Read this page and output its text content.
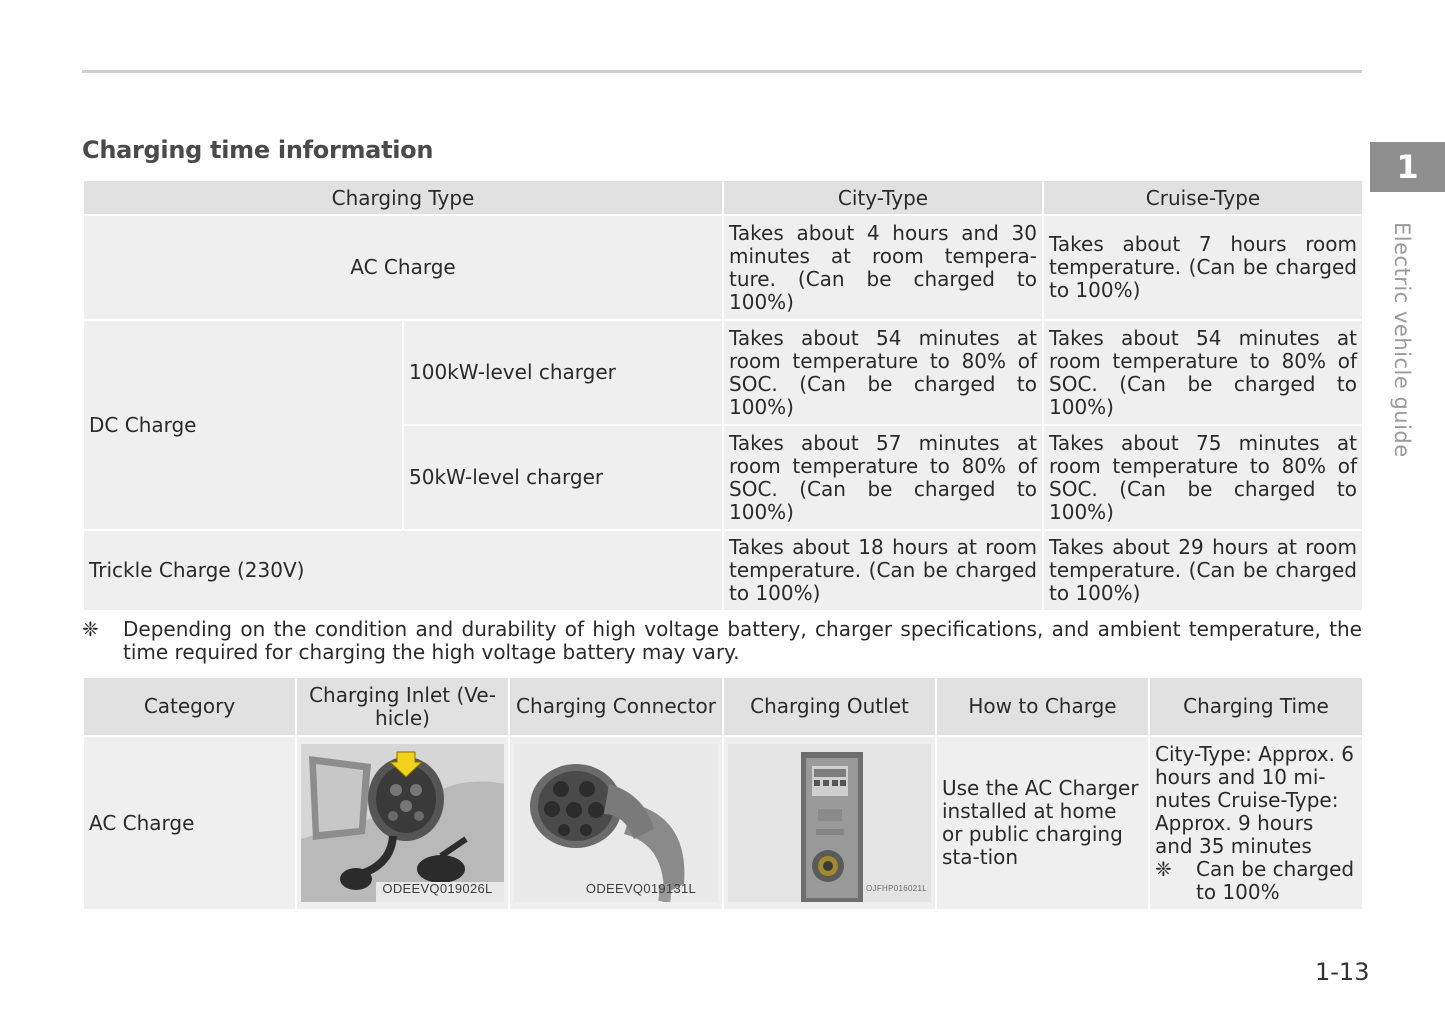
Charging time information	1
Electric vehicle guide
Charging Type		City-Type	Cruise-Type
AC Charge		Takes about 4 hours and 30 minutes at room tempera-ture. (Can be charged to 100%)	Takes about 7 hours room temperature. (Can be charged to 100%)
DC Charge	100kW-level charger	Takes about 54 minutes at room temperature to 80% of SOC. (Can be charged to 100%)	Takes about 54 minutes at room temperature to 80% of SOC. (Can be charged to 100%)
	50kW-level charger	Takes about 57 minutes at room temperature to 80% of SOC. (Can be charged to 100%)	Takes about 75 minutes at room temperature to 80% of SOC. (Can be charged to 100%)
Trickle Charge (230V)		Takes about 18 hours at room temperature. (Can be charged to 100%)	Takes about 29 hours at room temperature. (Can be charged to 100%)
❈ Depending on the condition and durability of high voltage battery, charger specifications, and ambient temperature, the time required for charging the high voltage battery may vary.
Category	Charging Inlet (Ve-hicle)	Charging Connector	Charging Outlet	How to Charge	Charging Time
AC Charge	ODEEVQ019026L	ODEEVQ019131L	OJFHP016021L	Use the AC Charger installed at home or public charging sta-tion	City-Type: Approx. 6 hours and 10 mi-nutes Cruise-Type: Approx. 9 hours and 35 minutes
❈ Can be charged to 100%
1-13
